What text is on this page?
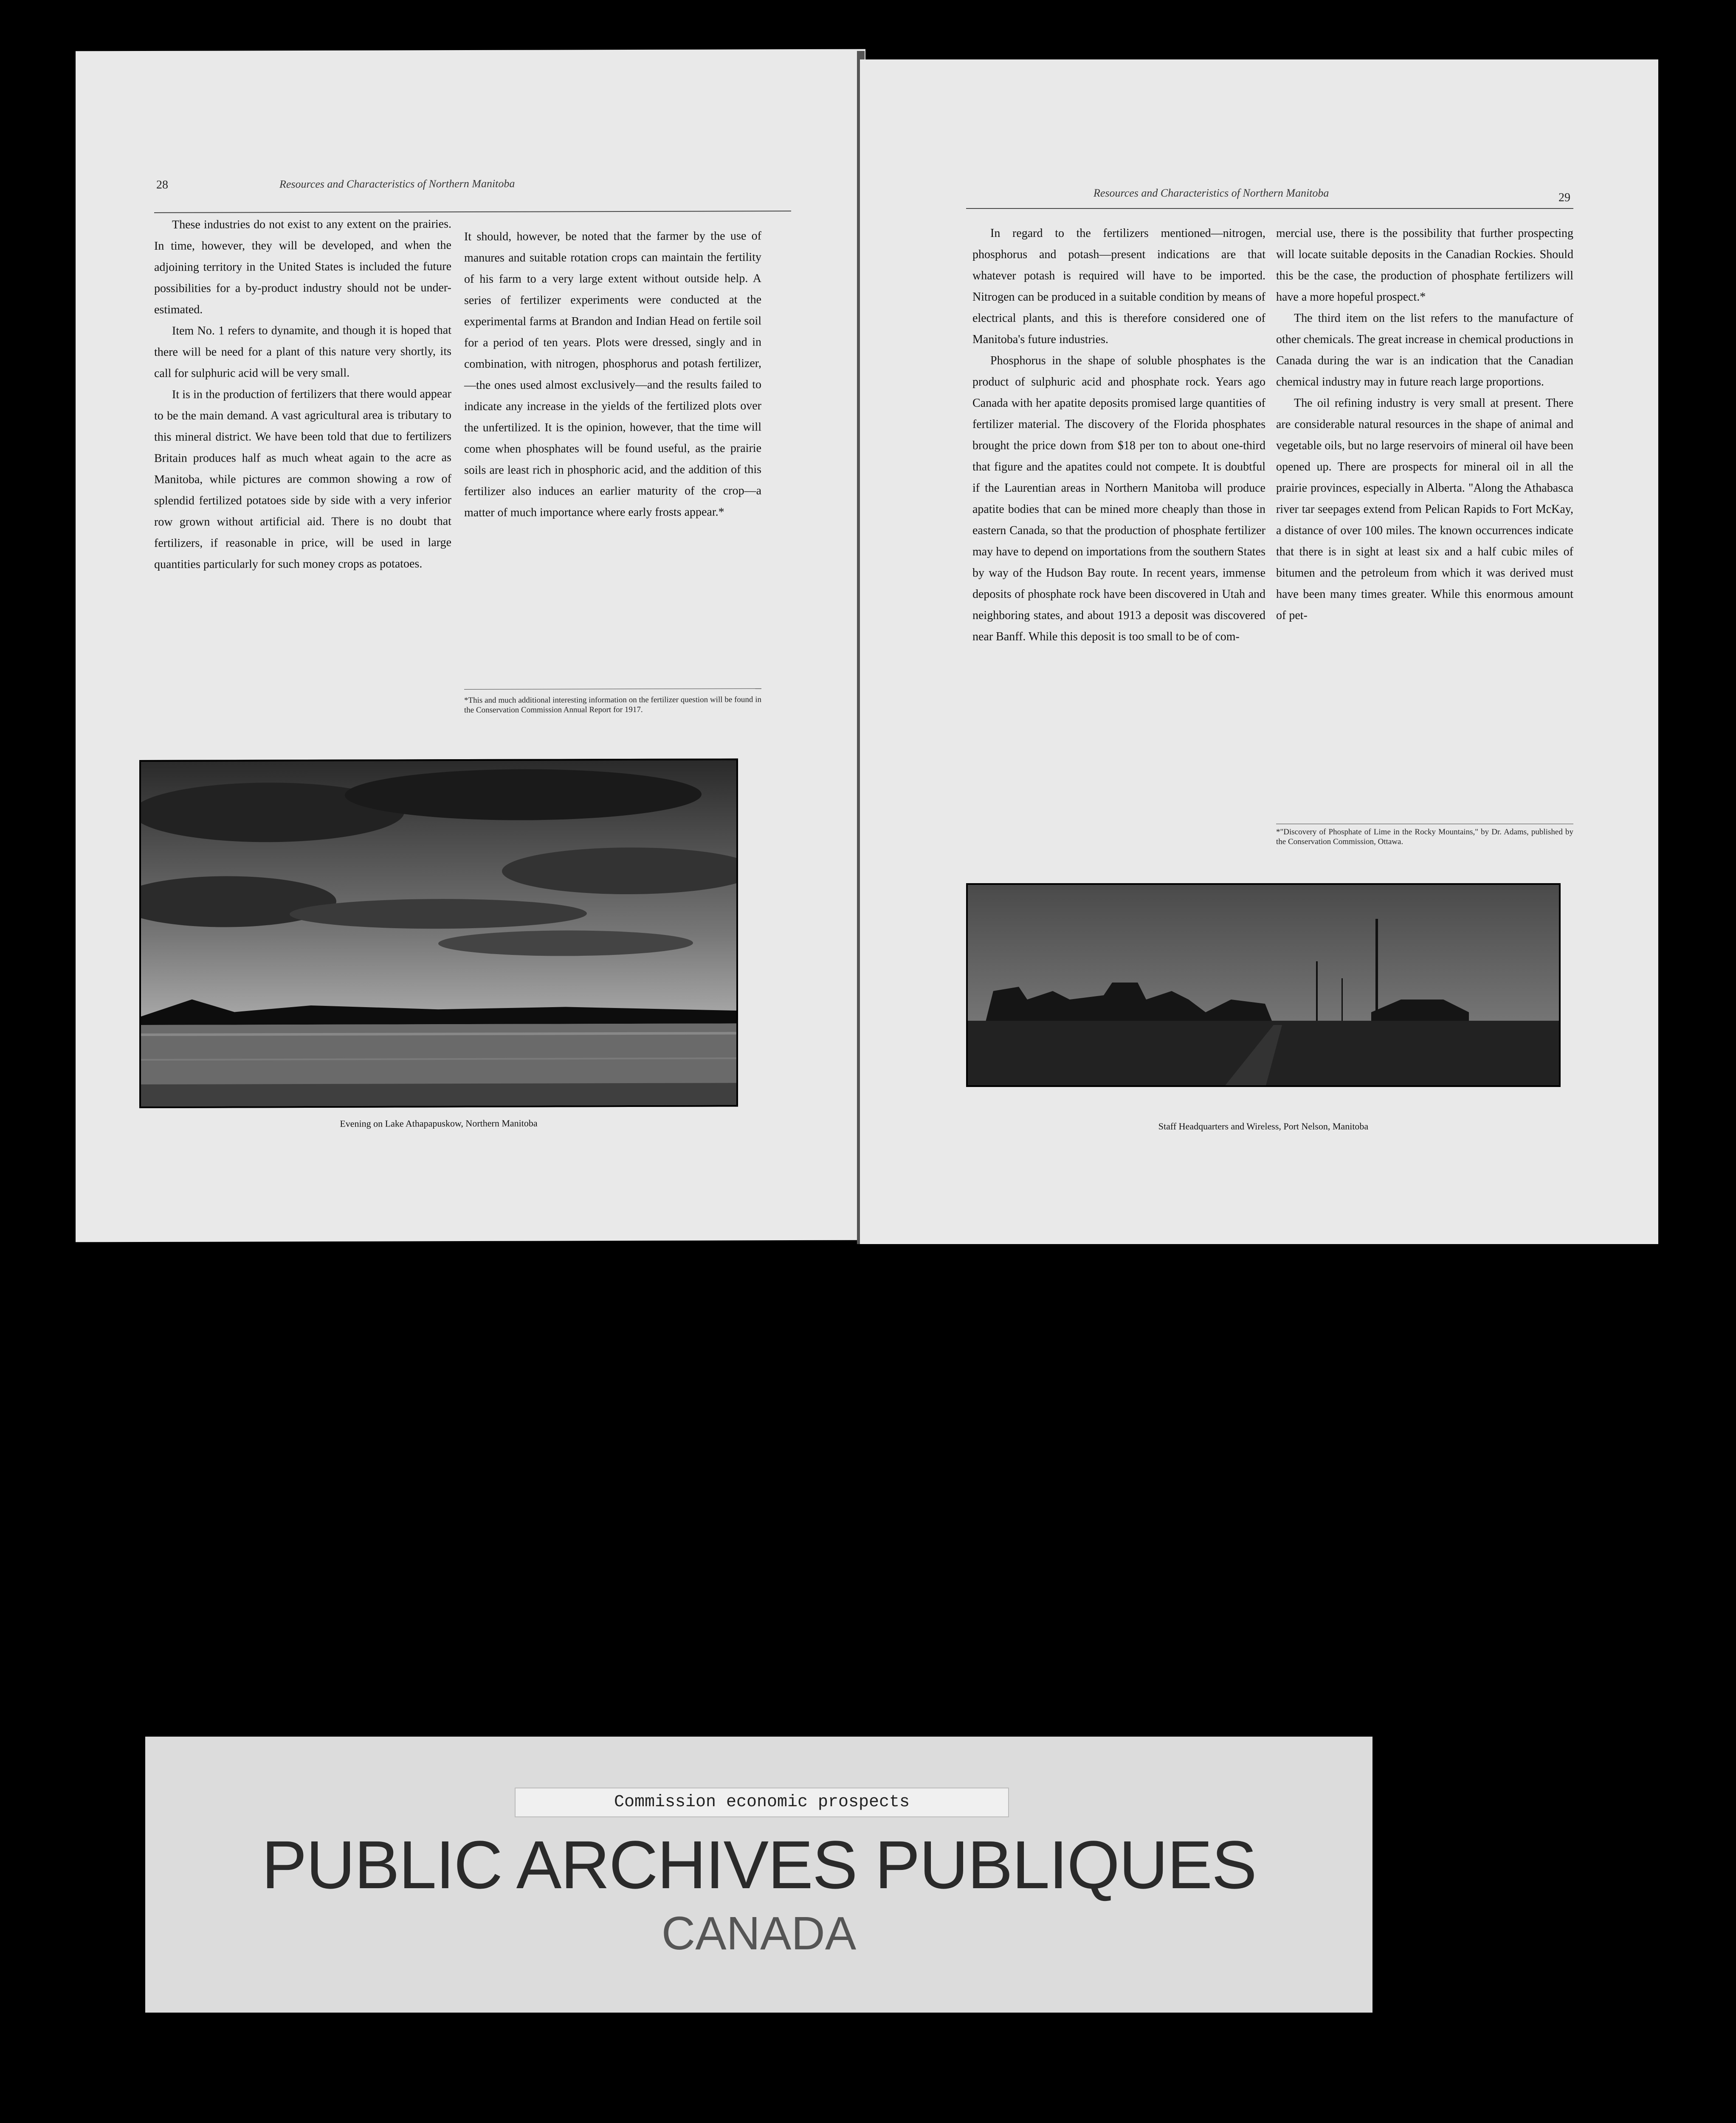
28	Resources and Characteristics of Northern Manitoba

These industries do not exist to any extent on the prairies. In time, however, they will be developed, and when the adjoining territory in the United States is included the future possibilities for a by-product industry should not be under-estimated.

Item No. 1 refers to dynamite, and though it is hoped that there will be need for a plant of this nature very shortly, its call for sulphuric acid will be very small.

It is in the production of fertilizers that there would appear to be the main demand. A vast agricultural area is tributary to this mineral district. We have been told that due to fertilizers Britain produces half as much wheat again to the acre as Manitoba, while pictures are common showing a row of splendid fertilized potatoes side by side with a very inferior row grown without artificial aid. There is no doubt that fertilizers, if reasonable in price, will be used in large quantities particularly for such money crops as potatoes.

It should, however, be noted that the farmer by the use of manures and suitable rotation crops can maintain the fertility of his farm to a very large extent without outside help. A series of fertilizer experiments were conducted at the experimental farms at Brandon and Indian Head on fertile soil for a period of ten years. Plots were dressed, singly and in combination, with nitrogen, phosphorus and potash fertilizer,—the ones used almost exclusively—and the results failed to indicate any increase in the yields of the fertilized plots over the unfertilized. It is the opinion, however, that the time will come when phosphates will be found useful, as the prairie soils are least rich in phosphoric acid, and the addition of this fertilizer also induces an earlier maturity of the crop—a matter of much importance where early frosts appear.*

*This and much additional interesting information on the fertilizer question will be found in the Conservation Commission Annual Report for 1917.
Evening on Lake Athapapuskow, Northern Manitoba
Resources and Characteristics of Northern Manitoba	29

In regard to the fertilizers mentioned—nitrogen, phosphorus and potash—present indications are that whatever potash is required will have to be imported. Nitrogen can be produced in a suitable condition by means of electrical plants, and this is therefore considered one of Manitoba's future industries.

Phosphorus in the shape of soluble phosphates is the product of sulphuric acid and phosphate rock. Years ago Canada with her apatite deposits promised large quantities of fertilizer material. The discovery of the Florida phosphates brought the price down from $18 per ton to about one-third that figure and the apatites could not compete. It is doubtful if the Laurentian areas in Northern Manitoba will produce apatite bodies that can be mined more cheaply than those in eastern Canada, so that the production of phosphate fertilizer may have to depend on importations from the southern States by way of the Hudson Bay route. In recent years, immense deposits of phosphate rock have been discovered in Utah and neighboring states, and about 1913 a deposit was discovered near Banff. While this deposit is too small to be of com-

mercial use, there is the possibility that further prospecting will locate suitable deposits in the Canadian Rockies. Should this be the case, the production of phosphate fertilizers will have a more hopeful prospect.*

The third item on the list refers to the manufacture of other chemicals. The great increase in chemical productions in Canada during the war is an indication that the Canadian chemical industry may in future reach large proportions.

The oil refining industry is very small at present. There are considerable natural resources in the shape of animal and vegetable oils, but no large reservoirs of mineral oil have been opened up. There are prospects for mineral oil in all the prairie provinces, especially in Alberta. "Along the Athabasca river tar seepages extend from Pelican Rapids to Fort McKay, a distance of over 100 miles. The known occurrences indicate that there is in sight at least six and a half cubic miles of bitumen and the petroleum from which it was derived must have been many times greater. While this enormous amount of pet-

*"Discovery of Phosphate of Lime in the Rocky Mountains," by Dr. Adams, published by the Conservation Commission, Ottawa.
Staff Headquarters and Wireless, Port Nelson, Manitoba
Commission economic prospects
PUBLIC ARCHIVES PUBLIQUES
CANADA
